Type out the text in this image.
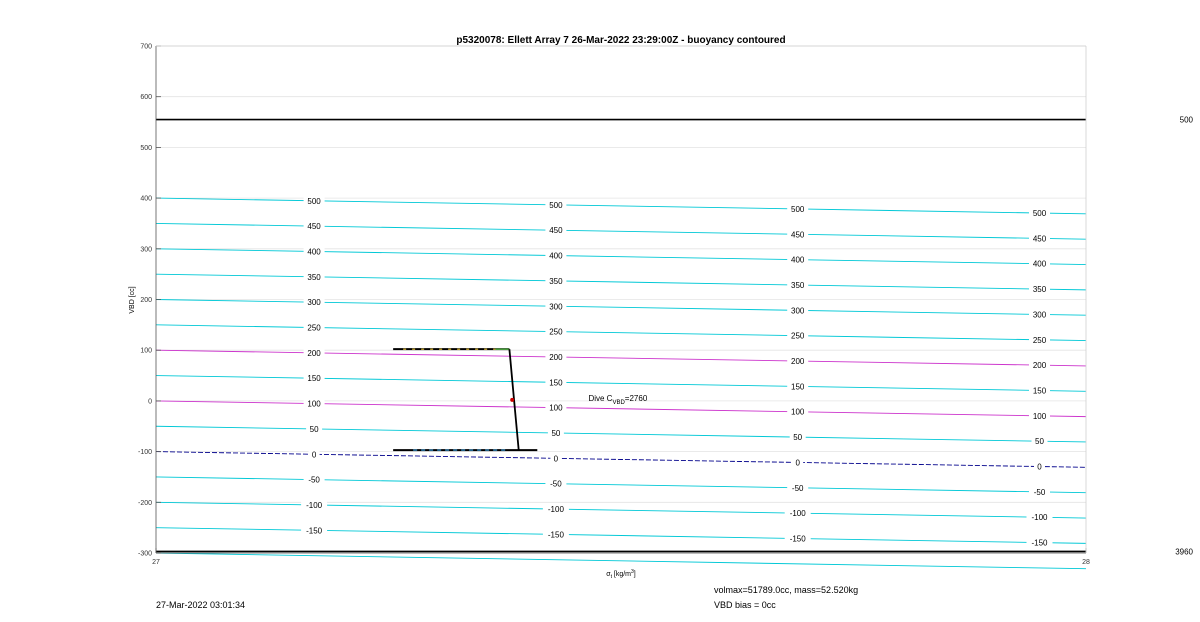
-150	-150	-150	-150
-100	-100	-100	-100
-50	-50	-50	-50
0	0	0	0
50	50	50	50
100	100	100	100
150	150	150	150
200	200	200	200
250	250	250	250
300	300	300	300
350	350	350	350
400	400	400	400
450	450	450	450
500	500	500	500
500
3960
700
600
500
400
300
200
100
0
-100
-200
-300
27	28
p5320078: Ellett Array 7 26-Mar-2022 23:29:00Z - buoyancy contoured
VBD [cc]
$\sigma_t$ $[kg/m^3]$
Dive $C_{VBD}=2760$
27-Mar-2022 03:01:34
volmax=51789.0cc, mass=52.520kg
VBD bias = 0cc
